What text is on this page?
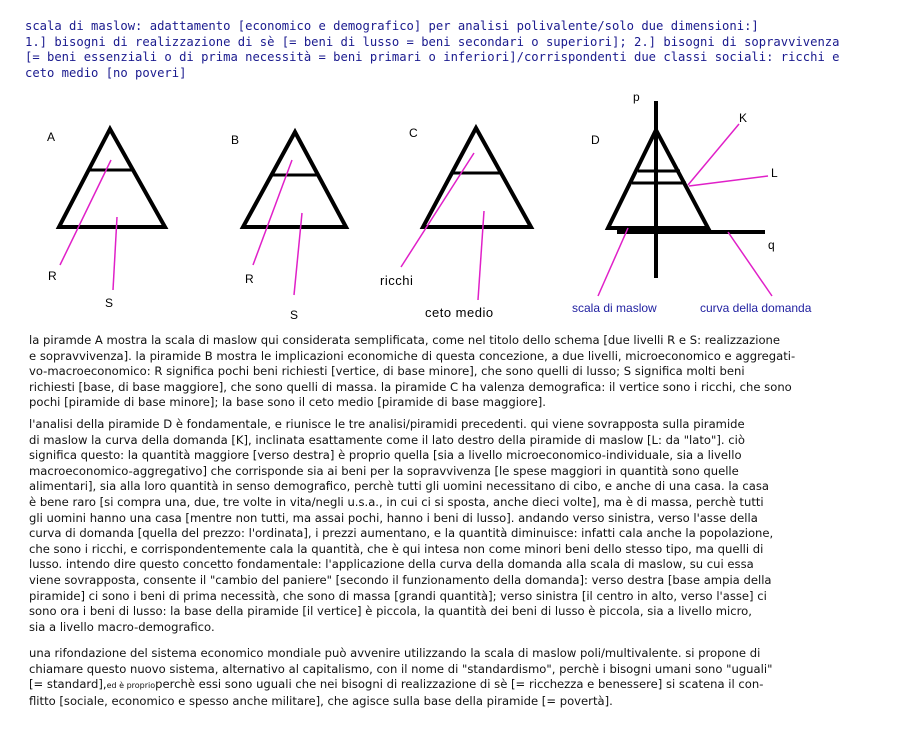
scala di maslow: adattamento [economico e demografico] per analisi polivalente/solo due dimensioni:]
1.] bisogni di realizzazione di sè [= beni di lusso = beni secondari o superiori]; 2.] bisogni di sopravvivenza
[= beni essenziali o di prima necessità = beni primari o inferiori]/corrispondenti due classi sociali: ricchi e
ceto medio [no poveri]
A
R
S
B
R
S
C
ricchi
ceto medio
D
p
q
K
L
scala di maslow	curva della domanda
la piramde A mostra la scala di maslow qui considerata semplificata, come nel titolo dello schema [due livelli R e S: realizzazione
e sopravvivenza]. la piramide B mostra le implicazioni economiche di questa concezione, a due livelli, microeconomico e aggregati-
vo-macroeconomico: R significa pochi beni richiesti [vertice, di base minore], che sono quelli di lusso; S significa molti beni
richiesti [base, di base maggiore], che sono quelli di massa. la piramide C ha valenza demografica: il vertice sono i ricchi, che sono
pochi [piramide di base minore]; la base sono il ceto medio [piramide di base maggiore].
l'analisi della piramide D è fondamentale, e riunisce le tre analisi/piramidi precedenti. qui viene sovrapposta sulla piramide
di maslow la curva della domanda [K], inclinata esattamente come il lato destro della piramide di maslow [L: da "lato"]. ciò
significa questo: la quantità maggiore [verso destra] è proprio quella [sia a livello microeconomico-individuale, sia a livello
macroeconomico-aggregativo] che corrisponde sia ai beni per la sopravvivenza [le spese maggiori in quantità sono quelle
alimentari], sia alla loro quantità in senso demografico, perchè tutti gli uomini necessitano di cibo, e anche di una casa. la casa
è bene raro [si compra una, due, tre volte in vita/negli u.s.a., in cui ci si sposta, anche dieci volte], ma è di massa, perchè tutti
gli uomini hanno una casa [mentre non tutti, ma assai pochi, hanno i beni di lusso]. andando verso sinistra, verso l'asse della
curva di domanda [quella del prezzo: l'ordinata], i prezzi aumentano, e la quantità diminuisce: infatti cala anche la popolazione,
che sono i ricchi, e corrispondentemente cala la quantità, che è qui intesa non come minori beni dello stesso tipo, ma quelli di
lusso. intendo dire questo concetto fondamentale: l'applicazione della curva della domanda alla scala di maslow, su cui essa
viene sovrapposta, consente il "cambio del paniere" [secondo il funzionamento della domanda]: verso destra [base ampia della
piramide] ci sono i beni di prima necessità, che sono di massa [grandi quantità]; verso sinistra [il centro in alto, verso l'asse] ci
sono ora i beni di lusso: la base della piramide [il vertice] è piccola, la quantità dei beni di lusso è piccola, sia a livello micro,
sia a livello macro-demografico.
una rifondazione del sistema economico mondiale può avvenire utilizzando la scala di maslow poli/multivalente. si propone di
chiamare questo nuovo sistema, alternativo al capitalismo, con il nome di "standardismo", perchè i bisogni umani sono "uguali"
[= standard],ed è proprioperchè essi sono uguali che nei bisogni di realizzazione di sè [= ricchezza e benessere] si scatena il con-
flitto [sociale, economico e spesso anche militare], che agisce sulla base della piramide [= povertà].
